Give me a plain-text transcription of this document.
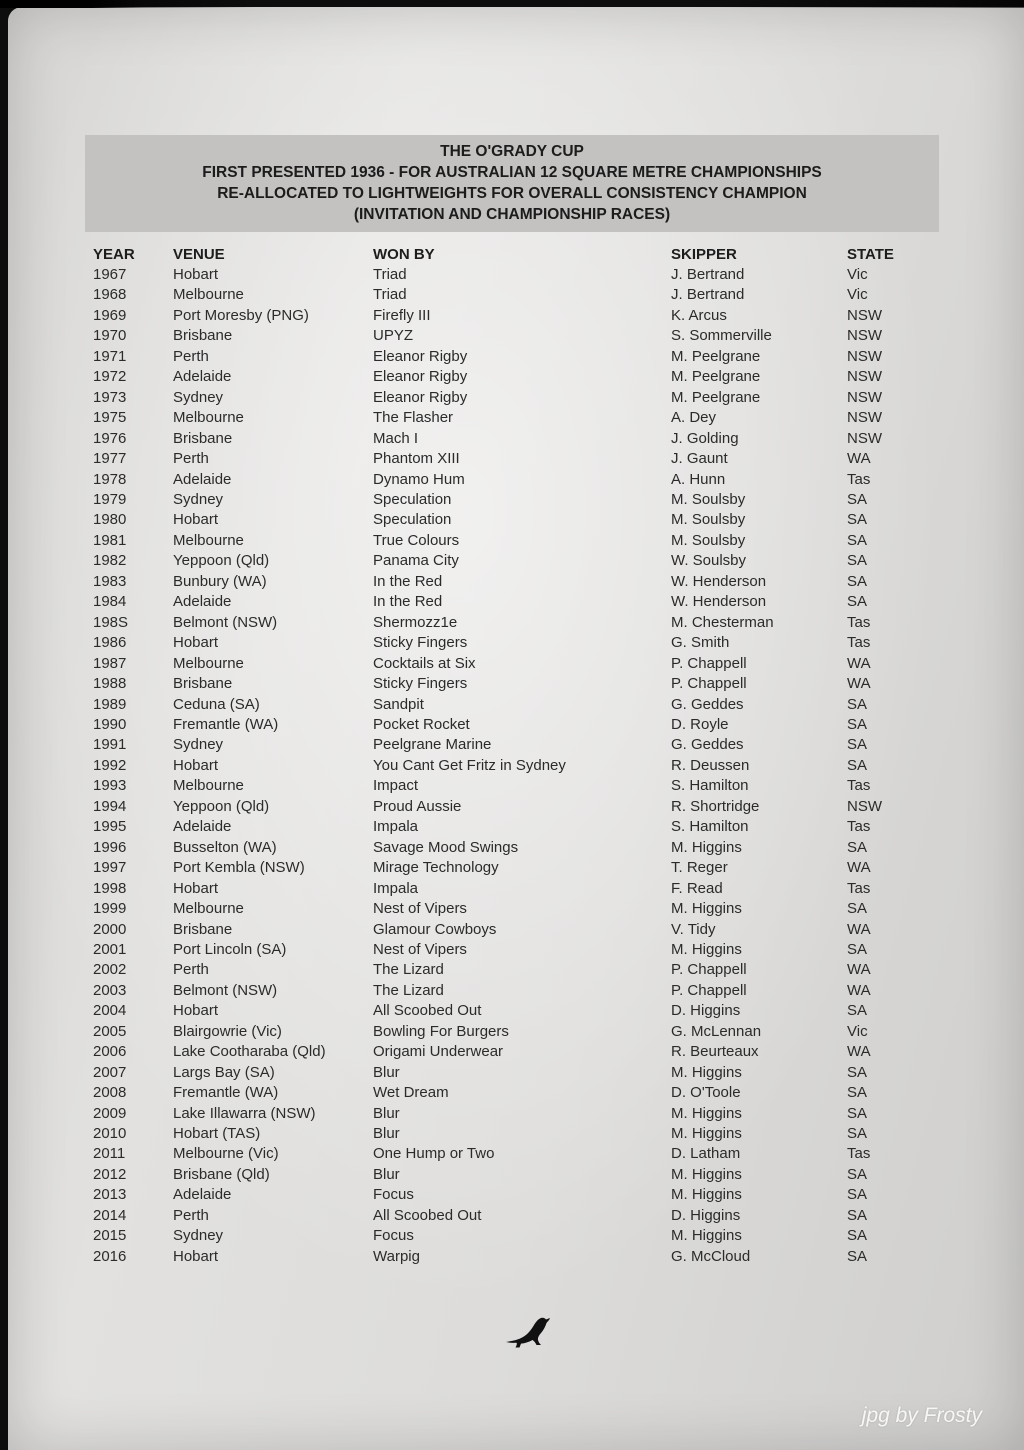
THE O'GRADY CUP
FIRST PRESENTED 1936 - FOR AUSTRALIAN 12 SQUARE METRE CHAMPIONSHIPS
RE-ALLOCATED TO LIGHTWEIGHTS FOR OVERALL CONSISTENCY CHAMPION
(INVITATION AND CHAMPIONSHIP RACES)
YEAR	VENUE	WON BY	SKIPPER	STATE
1967	Hobart	Triad	J. Bertrand	Vic
1968	Melbourne	Triad	J. Bertrand	Vic
1969	Port Moresby (PNG)	Firefly III	K. Arcus	NSW
1970	Brisbane	UPYZ	S. Sommerville	NSW
1971	Perth	Eleanor Rigby	M. Peelgrane	NSW
1972	Adelaide	Eleanor Rigby	M. Peelgrane	NSW
1973	Sydney	Eleanor Rigby	M. Peelgrane	NSW
1975	Melbourne	The Flasher	A. Dey	NSW
1976	Brisbane	Mach I	J. Golding	NSW
1977	Perth	Phantom XIII	J. Gaunt	WA
1978	Adelaide	Dynamo Hum	A. Hunn	Tas
1979	Sydney	Speculation	M. Soulsby	SA
1980	Hobart	Speculation	M. Soulsby	SA
1981	Melbourne	True Colours	M. Soulsby	SA
1982	Yeppoon (Qld)	Panama City	W. Soulsby	SA
1983	Bunbury (WA)	In the Red	W. Henderson	SA
1984	Adelaide	In the Red	W. Henderson	SA
198S	Belmont (NSW)	Shermozz1e	M. Chesterman	Tas
1986	Hobart	Sticky Fingers	G. Smith	Tas
1987	Melbourne	Cocktails at Six	P. Chappell	WA
1988	Brisbane	Sticky Fingers	P. Chappell	WA
1989	Ceduna (SA)	Sandpit	G. Geddes	SA
1990	Fremantle (WA)	Pocket Rocket	D. Royle	SA
1991	Sydney	Peelgrane Marine	G. Geddes	SA
1992	Hobart	You Cant Get Fritz in Sydney	R. Deussen	SA
1993	Melbourne	Impact	S. Hamilton	Tas
1994	Yeppoon (Qld)	Proud Aussie	R. Shortridge	NSW
1995	Adelaide	Impala	S. Hamilton	Tas
1996	Busselton (WA)	Savage Mood Swings	M. Higgins	SA
1997	Port Kembla (NSW)	Mirage Technology	T. Reger	WA
1998	Hobart	Impala	F. Read	Tas
1999	Melbourne	Nest of Vipers	M. Higgins	SA
2000	Brisbane	Glamour Cowboys	V. Tidy	WA
2001	Port Lincoln (SA)	Nest of Vipers	M. Higgins	SA
2002	Perth	The Lizard	P. Chappell	WA
2003	Belmont (NSW)	The Lizard	P. Chappell	WA
2004	Hobart	All Scoobed Out	D. Higgins	SA
2005	Blairgowrie (Vic)	Bowling For Burgers	G. McLennan	Vic
2006	Lake Cootharaba (Qld)	Origami Underwear	R. Beurteaux	WA
2007	Largs Bay (SA)	Blur	M. Higgins	SA
2008	Fremantle (WA)	Wet Dream	D. O'Toole	SA
2009	Lake Illawarra (NSW)	Blur	M. Higgins	SA
2010	Hobart (TAS)	Blur	M. Higgins	SA
2011	Melbourne (Vic)	One Hump or Two	D. Latham	Tas
2012	Brisbane (Qld)	Blur	M. Higgins	SA
2013	Adelaide	Focus	M. Higgins	SA
2014	Perth	All Scoobed Out	D. Higgins	SA
2015	Sydney	Focus	M. Higgins	SA
2016	Hobart	Warpig	G. McCloud	SA
jpg by Frosty
